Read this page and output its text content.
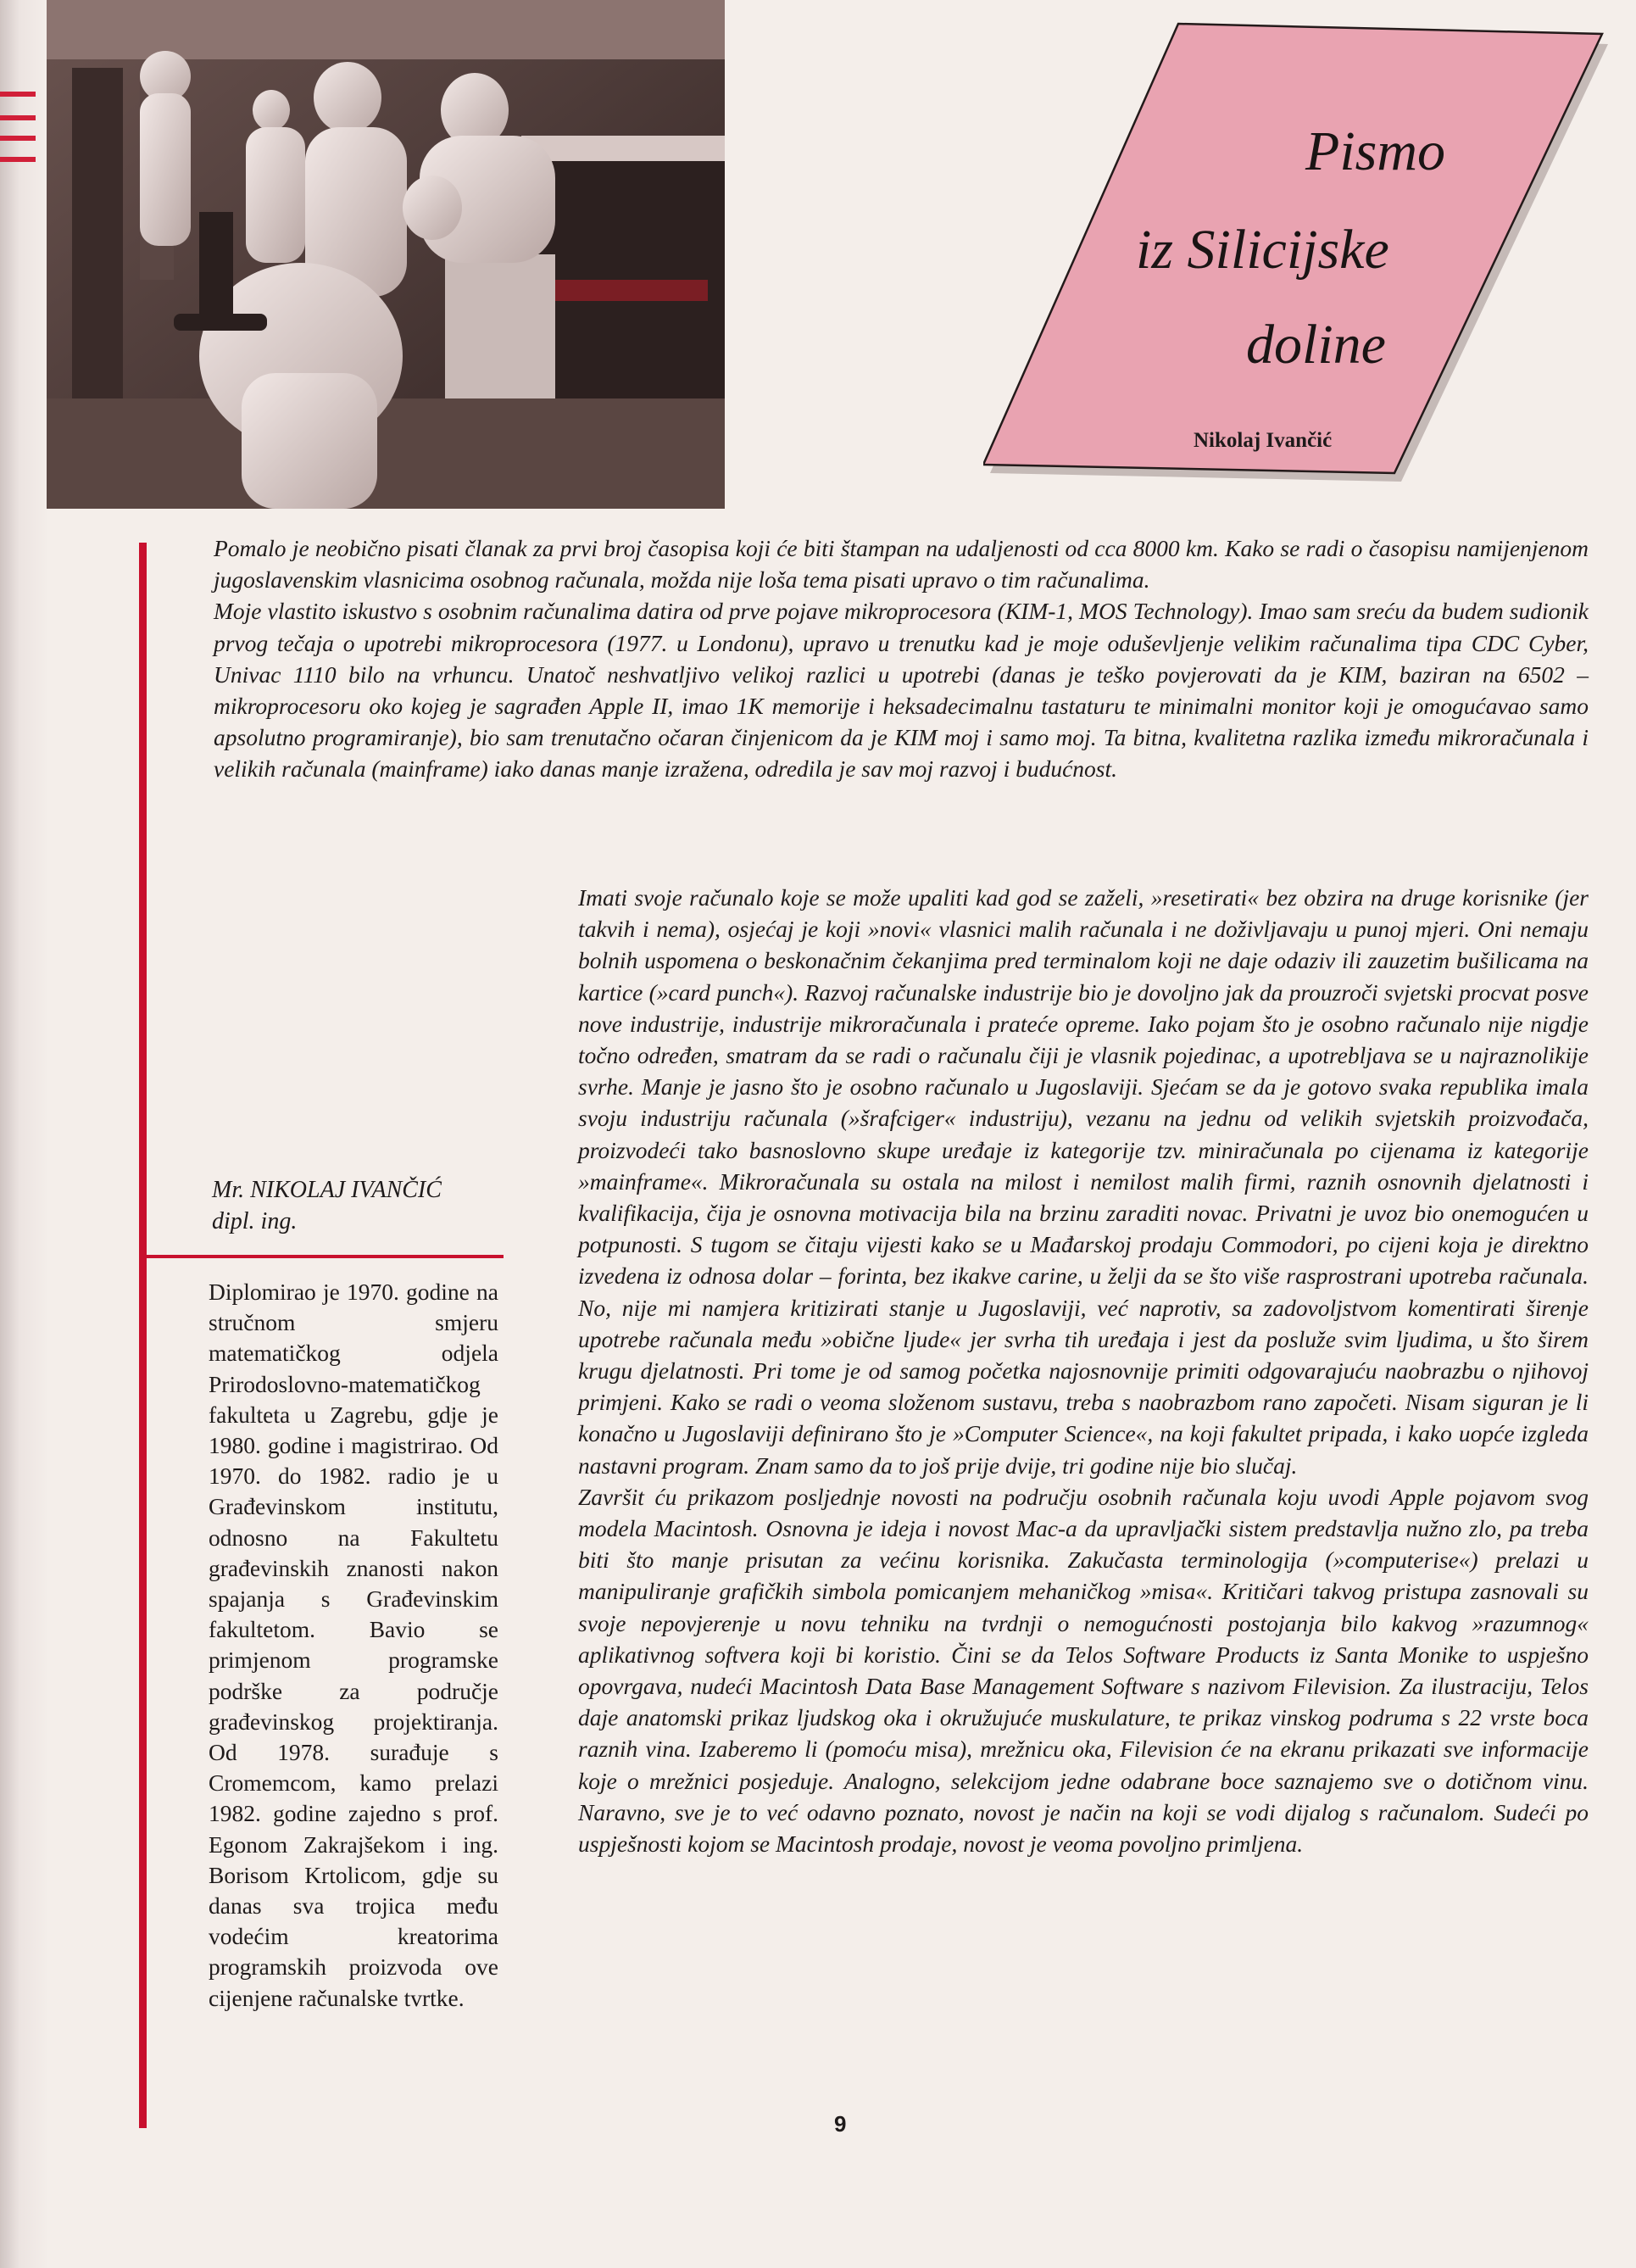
Pismo
iz Silicijske
doline
Nikolaj Ivančić

Pomalo je neobično pisati članak za prvi broj časopisa koji će biti štampan na udaljenosti od cca 8000 km. Kako se radi o časopisu namijenjenom jugoslavenskim vlasnicima osobnog računala, možda nije loša tema pisati upravo o tim računalima.

Moje vlastito iskustvo s osobnim računalima datira od prve pojave mikroprocesora (KIM-1, MOS Technology). Imao sam sreću da budem sudionik prvog tečaja o upotrebi mikroprocesora (1977. u Londonu), upravo u trenutku kad je moje oduševljenje velikim računalima tipa CDC Cyber, Univac 1110 bilo na vrhuncu. Unatoč neshvatljivo velikoj razlici u upotrebi (danas je teško povjerovati da je KIM, baziran na 6502 – mikroprocesoru oko kojeg je sagrađen Apple II, imao 1K memorije i heksadecimalnu tastaturu te minimalni monitor koji je omogućavao samo apsolutno programiranje), bio sam trenutačno očaran činjenicom da je KIM moj i samo moj. Ta bitna, kvalitetna razlika između mikroračunala i velikih računala (mainframe) iako danas manje izražena, odredila je sav moj razvoj i budućnost.

Mr. NIKOLAJ IVANČIĆ
dipl. ing.

Diplomirao je 1970. godine na stručnom smjeru matematičkog odjela Prirodoslovno-matematičkog fakulteta u Zagrebu, gdje je 1980. godine i magistrirao. Od 1970. do 1982. radio je u Građevinskom institutu, odnosno na Fakultetu građevinskih znanosti nakon spajanja s Građevinskim fakultetom. Bavio se primjenom programske podrške za područje građevinskog projektiranja. Od 1978. surađuje s Cromemcom, kamo prelazi 1982. godine zajedno s prof. Egonom Zakrajšekom i ing. Borisom Krtolicom, gdje su danas sva trojica među vodećim kreatorima programskih proizvoda ove cijenjene računalske tvrtke.

Imati svoje računalo koje se može upaliti kad god se zaželi, »resetirati« bez obzira na druge korisnike (jer takvih i nema), osjećaj je koji »novi« vlasnici malih računala i ne doživljavaju u punoj mjeri. Oni nemaju bolnih uspomena o beskonačnim čekanjima pred terminalom koji ne daje odaziv ili zauzetim bušilicama na kartice (»card punch«). Razvoj računalske industrije bio je dovoljno jak da prouzroči svjetski procvat posve nove industrije, industrije mikroračunala i prateće opreme. Iako pojam što je osobno računalo nije nigdje točno određen, smatram da se radi o računalu čiji je vlasnik pojedinac, a upotrebljava se u najraznolikije svrhe. Manje je jasno što je osobno računalo u Jugoslaviji. Sjećam se da je gotovo svaka republika imala svoju industriju računala (»šrafciger« industriju), vezanu na jednu od velikih svjetskih proizvođača, proizvodeći tako basnoslovno skupe uređaje iz kategorije tzv. miniračunala po cijenama iz kategorije »mainframe«. Mikroračunala su ostala na milost i nemilost malih firmi, raznih osnovnih djelatnosti i kvalifikacija, čija je osnovna motivacija bila na brzinu zaraditi novac. Privatni je uvoz bio onemogućen u potpunosti. S tugom se čitaju vijesti kako se u Mađarskoj prodaju Commodori, po cijeni koja je direktno izvedena iz odnosa dolar – forinta, bez ikakve carine, u želji da se što više rasprostrani upotreba računala. No, nije mi namjera kritizirati stanje u Jugoslaviji, već naprotiv, sa zadovoljstvom komentirati širenje upotrebe računala među »obične ljude« jer svrha tih uređaja i jest da posluže svim ljudima, u što širem krugu djelatnosti. Pri tome je od samog početka najosnovnije primiti odgovarajuću naobrazbu o njihovoj primjeni. Kako se radi o veoma složenom sustavu, treba s naobrazbom rano započeti. Nisam siguran je li konačno u Jugoslaviji definirano što je »Computer Science«, na koji fakultet pripada, i kako uopće izgleda nastavni program. Znam samo da to još prije dvije, tri godine nije bio slučaj.

Završit ću prikazom posljednje novosti na području osobnih računala koju uvodi Apple pojavom svog modela Macintosh. Osnovna je ideja i novost Mac-a da upravljački sistem predstavlja nužno zlo, pa treba biti što manje prisutan za većinu korisnika. Zakučasta terminologija (»computerise«) prelazi u manipuliranje grafičkih simbola pomicanjem mehaničkog »misa«. Kritičari takvog pristupa zasnovali su svoje nepovjerenje u novu tehniku na tvrdnji o nemogućnosti postojanja bilo kakvog »razumnog« aplikativnog softvera koji bi koristio. Čini se da Telos Software Products iz Santa Monike to uspješno opovrgava, nudeći Macintosh Data Base Management Software s nazivom Filevision. Za ilustraciju, Telos daje anatomski prikaz ljudskog oka i okružujuće muskulature, te prikaz vinskog podruma s 22 vrste boca raznih vina. Izaberemo li (pomoću misa), mrežnicu oka, Filevision će na ekranu prikazati sve informacije koje o mrežnici posjeduje. Analogno, selekcijom jedne odabrane boce saznajemo sve o dotičnom vinu. Naravno, sve je to već odavno poznato, novost je način na koji se vodi dijalog s računalom. Sudeći po uspješnosti kojom se Macintosh prodaje, novost je veoma povoljno primljena.

9
